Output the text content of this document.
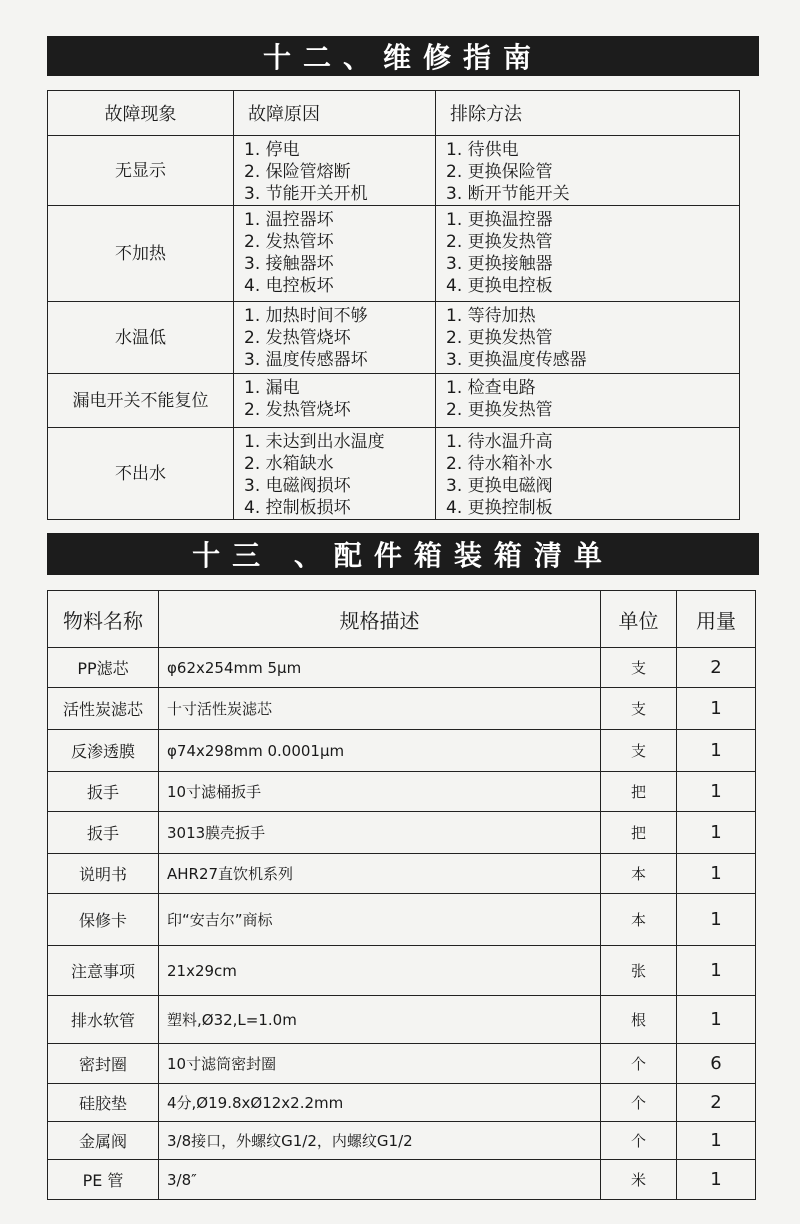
十二、维修指南
故障现象	故障原因	排除方法
无显示	1. 停电
2. 保险管熔断
3. 节能开关开机	1. 待供电
2. 更换保险管
3. 断开节能开关

不加热	1. 温控器坏
2. 发热管坏
3. 接触器坏
4. 电控板坏	1. 更换温控器
2. 更换发热管
3. 更换接触器
4. 更换电控板

水温低	1. 加热时间不够
2. 发热管烧坏
3. 温度传感器坏	1. 等待加热
2. 更换发热管
3. 更换温度传感器

漏电开关不能复位	1. 漏电
2. 发热管烧坏	1. 检查电路
2. 更换发热管

不出水	1. 未达到出水温度
2. 水箱缺水
3. 电磁阀损坏
4. 控制板损坏	1. 待水温升高
2. 待水箱补水
3. 更换电磁阀
4. 更换控制板
十三 、配件箱装箱清单
物料名称	规格描述	单位	用量
PP滤芯	φ62x254mm 5μm	支	2
活性炭滤芯	十寸活性炭滤芯	支	1
反渗透膜	φ74x298mm 0.0001μm	支	1
扳手	10寸滤桶扳手	把	1
扳手	3013膜壳扳手	把	1
说明书	AHR27直饮机系列	本	1
保修卡	印“安吉尔”商标	本	1
注意事项	21x29cm	张	1
排水软管	塑料,Ø32,L=1.0m	根	1
密封圈	10寸滤筒密封圈	个	6
硅胶垫	4分,Ø19.8xØ12x2.2mm	个	2
金属阀	3/8接口，外螺纹G1/2，内螺纹G1/2	个	1
PE 管	3/8″	米	1
